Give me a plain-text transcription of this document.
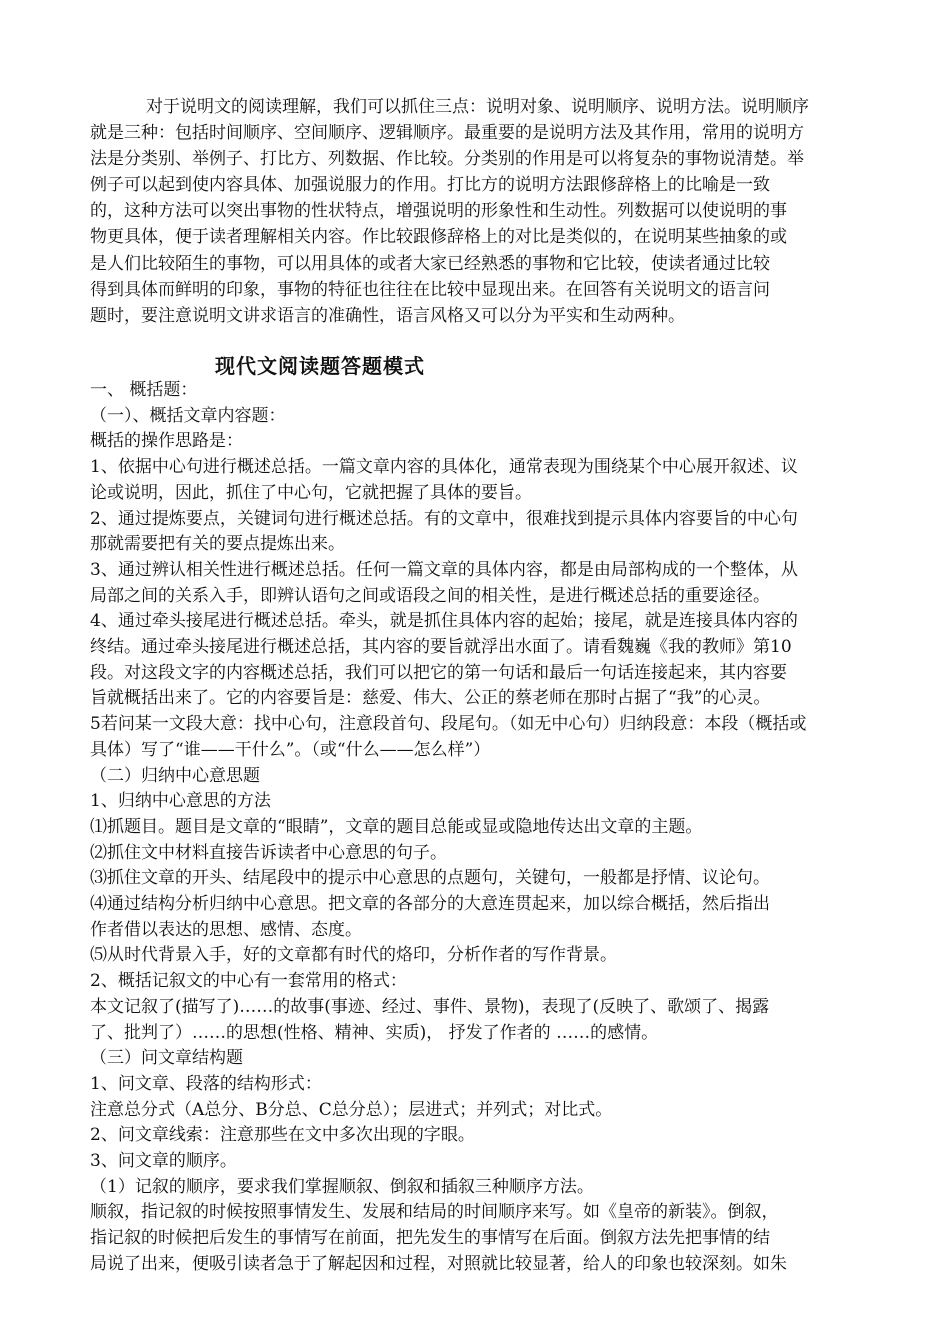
对于说明文的阅读理解，我们可以抓住三点：说明对象、说明顺序、说明方法。说明顺序
就是三种：包括时间顺序、空间顺序、逻辑顺序。最重要的是说明方法及其作用，常用的说明方
法是分类别、举例子、打比方、列数据、作比较。分类别的作用是可以将复杂的事物说清楚。举
例子可以起到使内容具体、加强说服力的作用。打比方的说明方法跟修辞格上的比喻是一致
的，这种方法可以突出事物的性状特点，增强说明的形象性和生动性。列数据可以使说明的事
物更具体，便于读者理解相关内容。作比较跟修辞格上的对比是类似的，在说明某些抽象的或
是人们比较陌生的事物，可以用具体的或者大家已经熟悉的事物和它比较，使读者通过比较
得到具体而鲜明的印象，事物的特征也往往在比较中显现出来。在回答有关说明文的语言问
题时，要注意说明文讲求语言的准确性，语言风格又可以分为平实和生动两种。
现代文阅读题答题模式
一、 概括题：
（一）、概括文章内容题：
概括的操作思路是：
1、依据中心句进行概述总括。一篇文章内容的具体化，通常表现为围绕某个中心展开叙述、议
论或说明，因此，抓住了中心句，它就把握了具体的要旨。
2、通过提炼要点，关键词句进行概述总括。有的文章中，很难找到提示具体内容要旨的中心句
那就需要把有关的要点提炼出来。
3、通过辨认相关性进行概述总括。任何一篇文章的具体内容，都是由局部构成的一个整体，从
局部之间的关系入手，即辨认语句之间或语段之间的相关性，是进行概述总括的重要途径。
4、通过牵头接尾进行概述总括。牵头，就是抓住具体内容的起始；接尾，就是连接具体内容的
终结。通过牵头接尾进行概述总括，其内容的要旨就浮出水面了。请看魏巍《我的教师》第10
段。对这段文字的内容概述总括，我们可以把它的第一句话和最后一句话连接起来，其内容要
旨就概括出来了。它的内容要旨是：慈爱、伟大、公正的蔡老师在那时占据了“我”的心灵。
5若问某一文段大意：找中心句，注意段首句、段尾句。（如无中心句）归纳段意：本段（概括或
具体）写了“谁——干什么”。（或“什么——怎么样”）
（二）归纳中心意思题
1、归纳中心意思的方法
⑴抓题目。题目是文章的“眼睛”，文章的题目总能或显或隐地传达出文章的主题。
⑵抓住文中材料直接告诉读者中心意思的句子。
⑶抓住文章的开头、结尾段中的提示中心意思的点题句，关键句，一般都是抒情、议论句。
⑷通过结构分析归纳中心意思。把文章的各部分的大意连贯起来，加以综合概括，然后指出
作者借以表达的思想、感情、态度。
⑸从时代背景入手，好的文章都有时代的烙印，分析作者的写作背景。
2、概括记叙文的中心有一套常用的格式：
本文记叙了(描写了)……的故事(事迹、经过、事件、景物)，表现了(反映了、歌颂了、揭露
了、批判了）……的思想(性格、精神、实质)， 抒发了作者的 ……的感情。
（三）问文章结构题
1、问文章、段落的结构形式：
注意总分式（A总分、B分总、C总分总）；层进式；并列式；对比式。
2、问文章线索：注意那些在文中多次出现的字眼。
3、问文章的顺序。
（1）记叙的顺序，要求我们掌握顺叙、倒叙和插叙三种顺序方法。
顺叙，指记叙的时候按照事情发生、发展和结局的时间顺序来写。如《皇帝的新装》。倒叙，
指记叙的时候把后发生的事情写在前面，把先发生的事情写在后面。倒叙方法先把事情的结
局说了出来，便吸引读者急于了解起因和过程，对照就比较显著，给人的印象也较深刻。如朱
